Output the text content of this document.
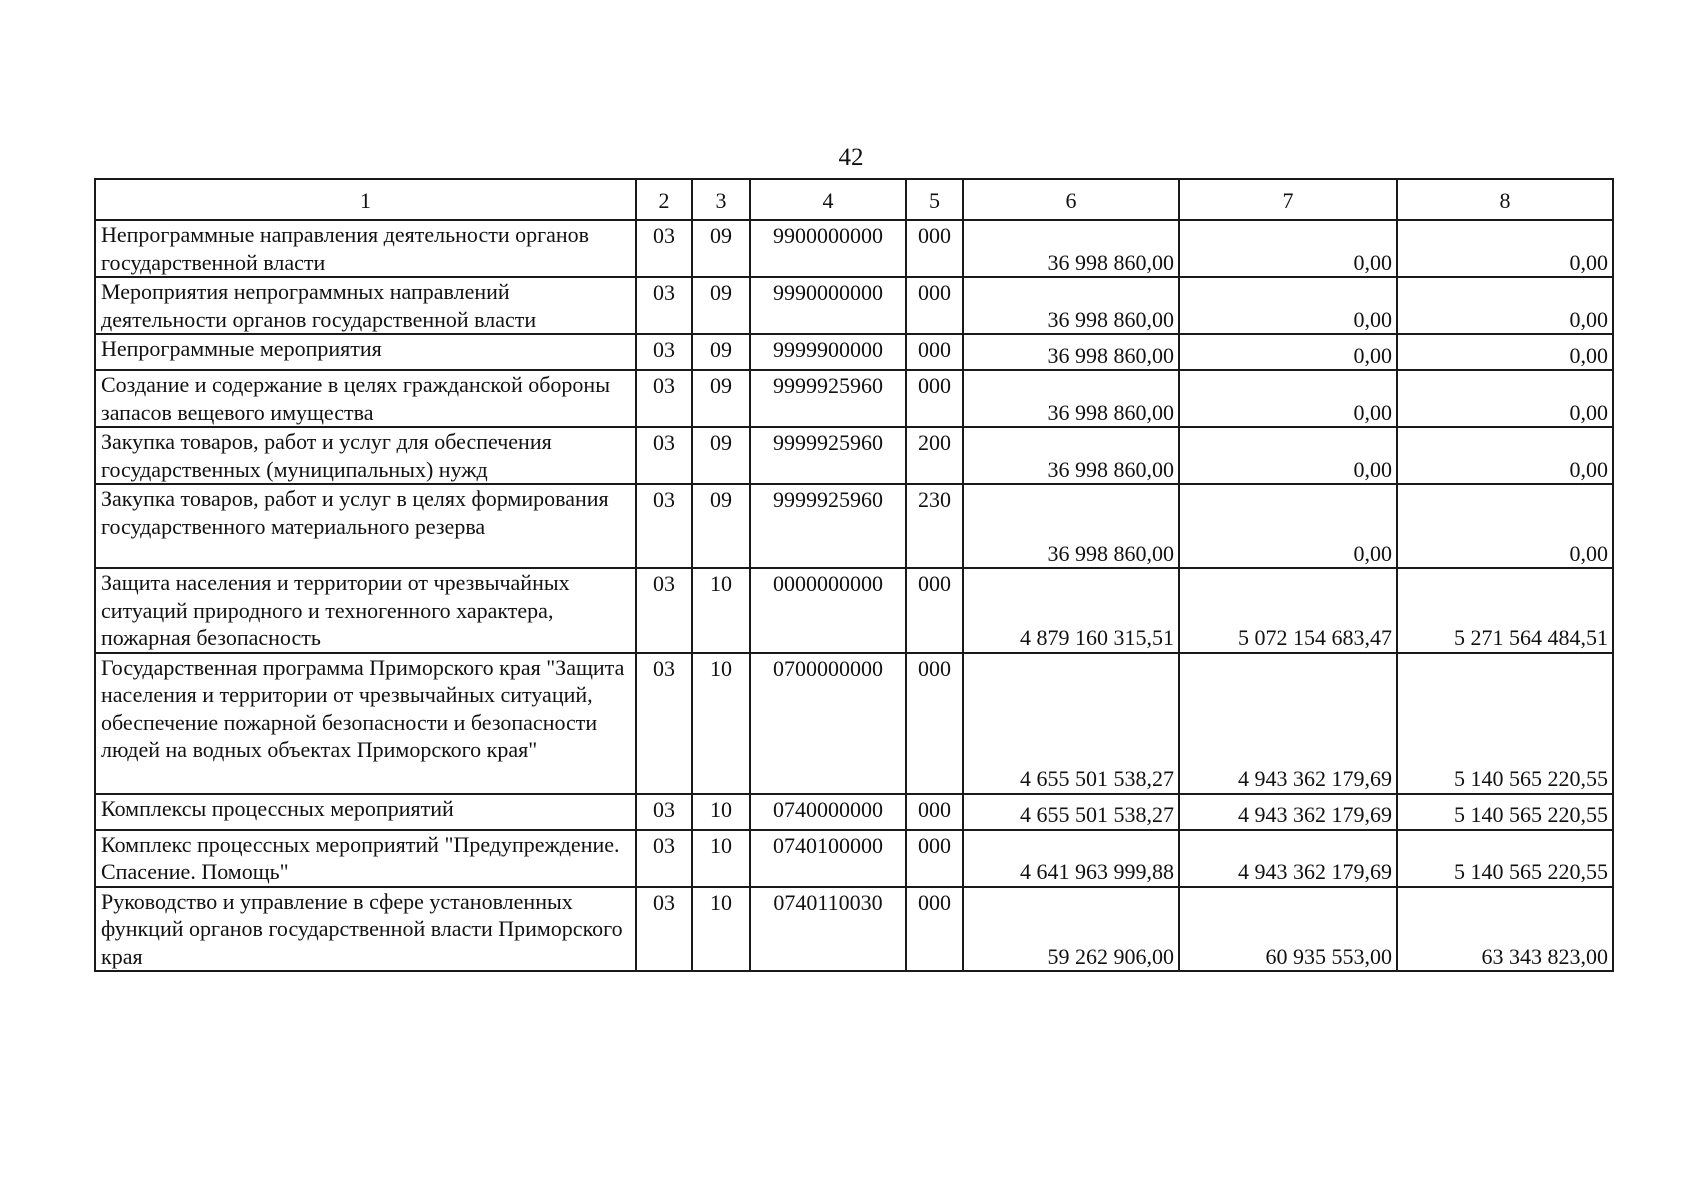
42
1	2	3	4	5	6	7	8
Непрограммные направления деятельности органов государственной власти	03	09	9900000000	000	36 998 860,00	0,00	0,00
Мероприятия непрограммных направлений деятельности органов государственной власти	03	09	9990000000	000	36 998 860,00	0,00	0,00
Непрограммные мероприятия	03	09	9999900000	000	36 998 860,00	0,00	0,00
Создание и содержание в целях гражданской обороны запасов вещевого имущества	03	09	9999925960	000	36 998 860,00	0,00	0,00
Закупка товаров, работ и услуг для обеспечения государственных (муниципальных) нужд	03	09	9999925960	200	36 998 860,00	0,00	0,00
Закупка товаров, работ и услуг в целях формирования государственного материального резерва	03	09	9999925960	230	36 998 860,00	0,00	0,00
Защита населения и территории от чрезвычайных ситуаций природного и техногенного характера, пожарная безопасность	03	10	0000000000	000	4 879 160 315,51	5 072 154 683,47	5 271 564 484,51
Государственная программа Приморского края "Защита населения и территории от чрезвычайных ситуаций, обеспечение пожарной безопасности и безопасности людей на водных объектах Приморского края"	03	10	0700000000	000	4 655 501 538,27	4 943 362 179,69	5 140 565 220,55
Комплексы процессных мероприятий	03	10	0740000000	000	4 655 501 538,27	4 943 362 179,69	5 140 565 220,55
Комплекс процессных мероприятий "Предупреждение. Спасение. Помощь"	03	10	0740100000	000	4 641 963 999,88	4 943 362 179,69	5 140 565 220,55
Руководство и управление в сфере установленных функций органов государственной власти Приморского края	03	10	0740110030	000	59 262 906,00	60 935 553,00	63 343 823,00
